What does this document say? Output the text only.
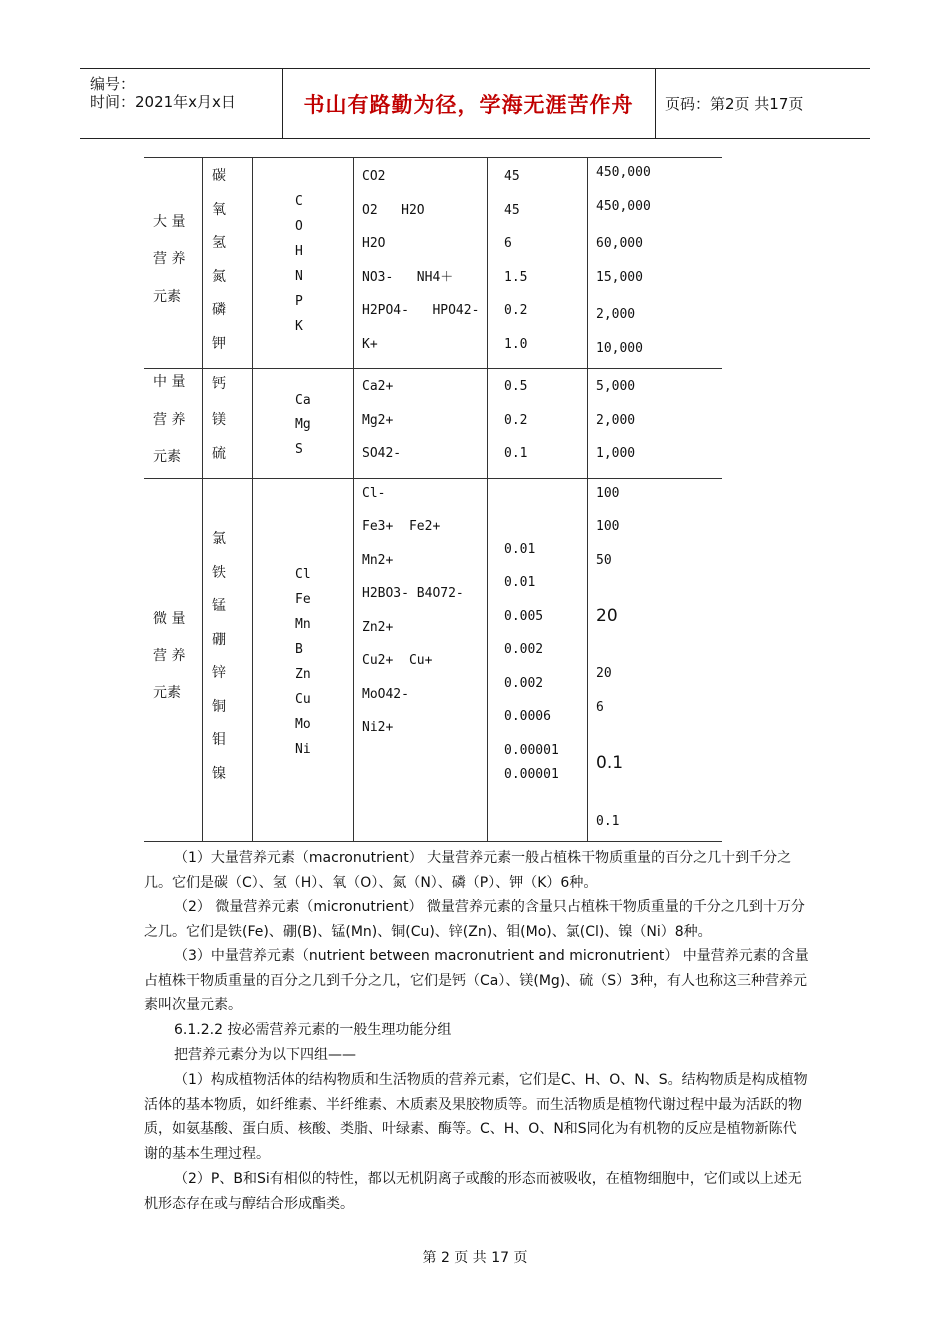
编号：
时间：2021年x月x日	书山有路勤为径，学海无涯苦作舟 页码：第2页 共17页
大 量
营 养
元素
碳
氧
氢
氮
磷
钾
C
O
H
N
P
K
CO2
O2   H2O
H2O
NO3-   NH4＋
H2PO4-   HPO42-
K+
45
45
6
1.5
0.2
1.0
450,000
450,000
60,000
15,000
2,000
10,000
中 量
营 养
元素
钙
镁
硫
Ca
Mg
S
Ca2+
Mg2+
SO42-
0.5
0.2
0.1
5,000
2,000
1,000
微 量
营 养
元素
氯
铁
锰
硼
锌
铜
钼
镍
Cl
Fe
Mn
B
Zn
Cu
Mo
Ni
Cl-
Fe3+  Fe2+
Mn2+
H2BO3- B4O72-
Zn2+
Cu2+  Cu+
MoO42-
Ni2+
0.01
0.01
0.005
0.002
0.002
0.0006
0.00001
0.00001
100
100
50
20
20
6
0.1
0.1
（1）大量营养元素（macronutrient） 大量营养元素一般占植株干物质重量的百分之几十到千分之几。它们是碳（C）、氢（H）、氧（O）、氮（N）、磷（P）、钾（K）6种。
（2） 微量营养元素（micronutrient） 微量营养元素的含量只占植株干物质重量的千分之几到十万分之几。它们是铁(Fe)、硼(B)、锰(Mn)、铜(Cu)、锌(Zn)、钼(Mo)、氯(Cl)、镍（Ni）8种。
（3）中量营养元素（nutrient between macronutrient and micronutrient） 中量营养元素的含量占植株干物质重量的百分之几到千分之几，它们是钙（Ca）、镁(Mg)、硫（S）3种，有人也称这三种营养元素叫次量元素。
6.1.2.2 按必需营养元素的一般生理功能分组
把营养元素分为以下四组——
（1）构成植物活体的结构物质和生活物质的营养元素，它们是C、H、O、N、S。结构物质是构成植物活体的基本物质，如纤维素、半纤维素、木质素及果胶物质等。而生活物质是植物代谢过程中最为活跃的物质，如氨基酸、蛋白质、核酸、类脂、叶绿素、酶等。C、H、O、N和S同化为有机物的反应是植物新陈代谢的基本生理过程。
（2）P、B和Si有相似的特性，都以无机阴离子或酸的形态而被吸收，在植物细胞中，它们或以上述无机形态存在或与醇结合形成酯类。
第 2 页 共 17 页
